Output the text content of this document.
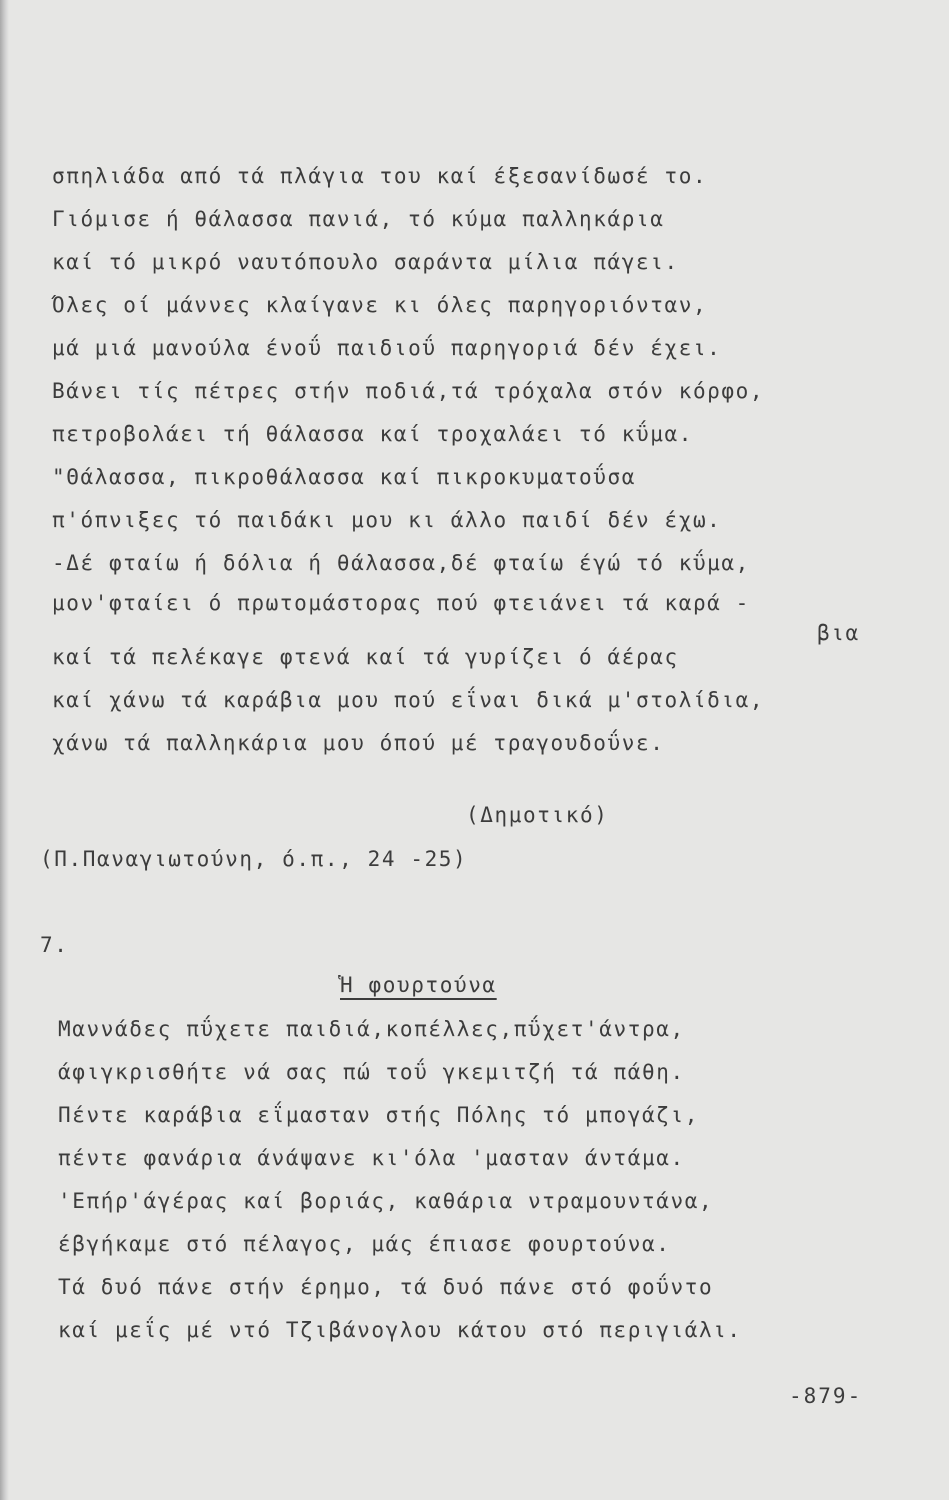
σπηλιάδα από τά πλάγια του καί έξεσανίδωσέ το.
Γιόμισε ή θάλασσα πανιά, τό κύμα παλληκάρια
καί τό μικρό ναυτόπουλο σαράντα μίλια πάγει.
Όλες οί μάννες κλαίγανε κι όλες παρηγοριόνταν,
μά μιά μανούλα ένοΰ παιδιοΰ παρηγοριά δέν έχει.
Βάνει τίς πέτρες στήν ποδιά,τά τρόχαλα στόν κόρφο,
πετροβολάει τή θάλασσα καί τροχαλάει τό κΰμα.
"Θάλασσα, πικροθάλασσα καί πικροκυματοΰσα
π'όπνιξες τό παιδάκι μου κι άλλο παιδί δέν έχω.
-Δέ φταίω ή δόλια ή θάλασσα,δέ φταίω έγώ τό κΰμα,
μον'φταίει ό πρωτομάστορας πού φτειάνει τά καρά -
βια
καί τά πελέκαγε φτενά καί τά γυρίζει ό άέρας
καί χάνω τά καράβια μου πού εΐναι δικά μ'στολίδια,
χάνω τά παλληκάρια μου όπού μέ τραγουδοΰνε.
(Δημοτικό)
(Π.Παναγιωτούνη, ό.π., 24 -25)
7.
Ἡ φουρτούνα
Μαννάδες πΰχετε παιδιά,κοπέλλες,πΰχετ'άντρα,
άφιγκρισθήτε νά σας πώ τοΰ γκεμιτζή τά πάθη.
Πέντε καράβια εΐμασταν στής Πόλης τό μπογάζι,
πέντε φανάρια άνάψανε κι'όλα 'μασταν άντάμα.
'Επήρ'άγέρας καί βοριάς, καθάρια ντραμουντάνα,
έβγήκαμε στό πέλαγος, μάς έπιασε φουρτούνα.
Τά δυό πάνε στήν έρημο, τά δυό πάνε στό φοΰντο
καί μεΐς μέ ντό Τζιβάνογλου κάτου στό περιγιάλι.
-879-
